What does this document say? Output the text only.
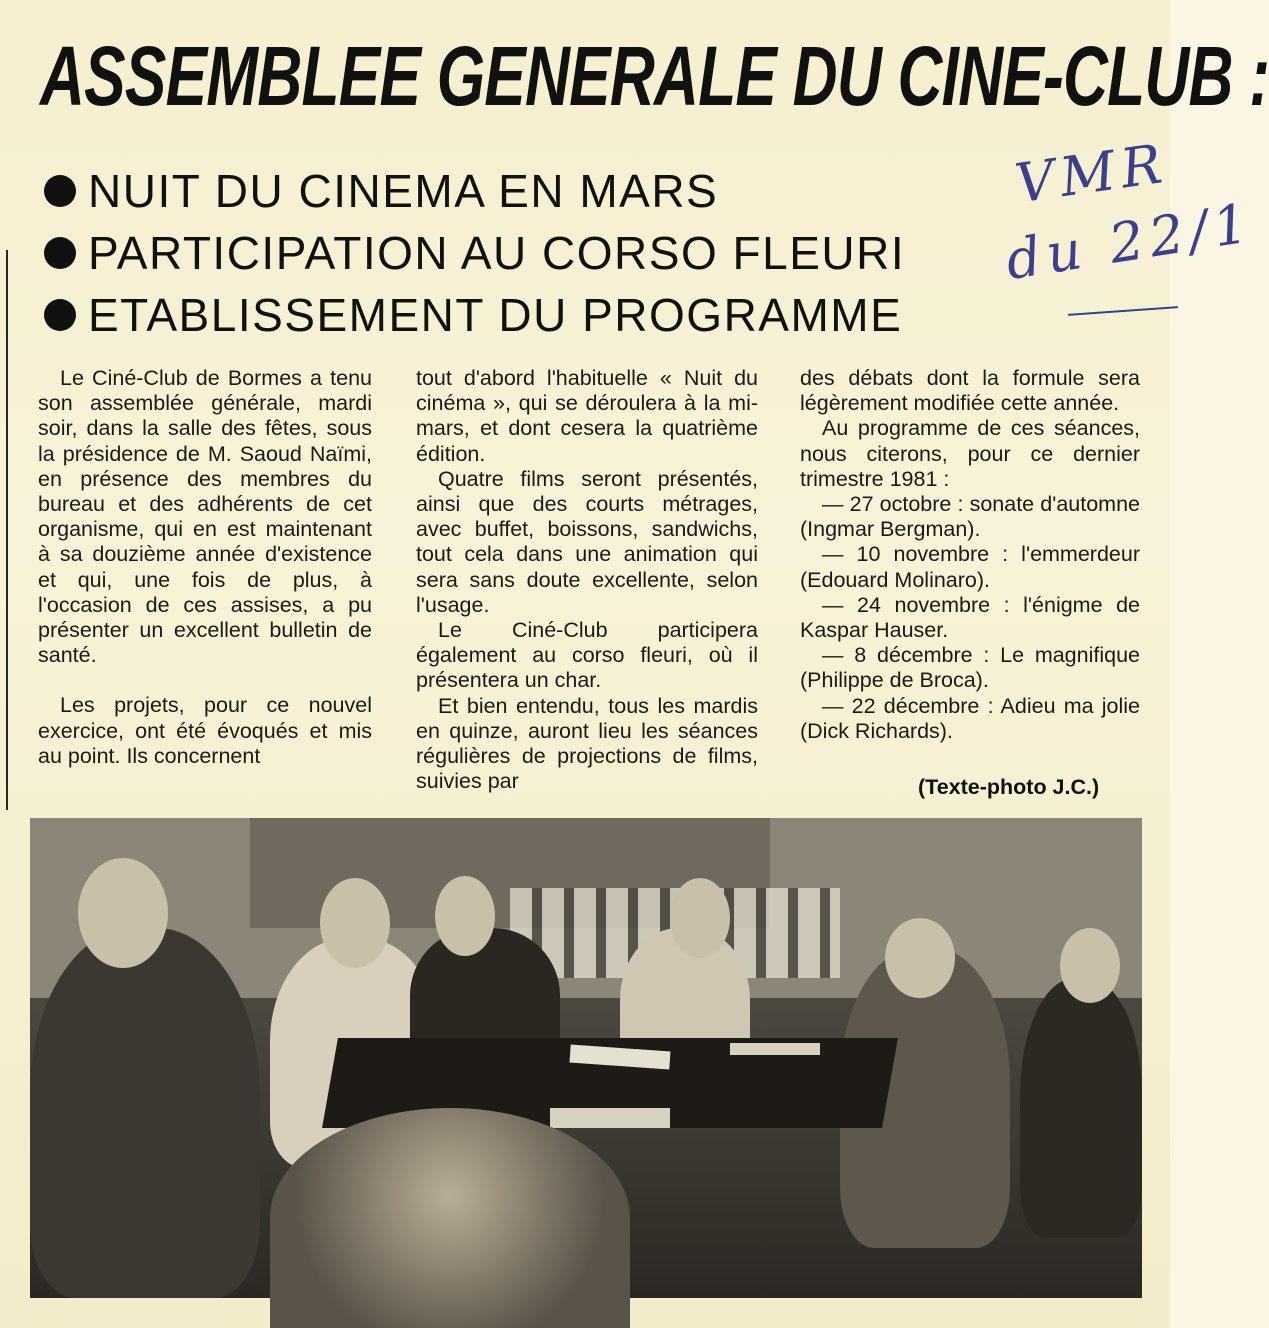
ASSEMBLEE GENERALE DU CINE-CLUB :
NUIT DU CINEMA EN MARS
PARTICIPATION AU CORSO FLEURI
ETABLISSEMENT DU PROGRAMME
VMR
du 22/1

Le Ciné-Club de Bormes a tenu son assemblée générale, mardi soir, dans la salle des fêtes, sous la présidence de M. Saoud Naïmi, en présence des membres du bureau et des adhérents de cet organisme, qui en est maintenant à sa douzième année d'existence et qui, une fois de plus, à l'occasion de ces assises, a pu présenter un excellent bulletin de santé.

Les projets, pour ce nouvel exercice, ont été évoqués et mis au point. Ils concernent

tout d'abord l'habituelle « Nuit du cinéma », qui se déroulera à la mi-mars, et dont cesera la quatrième édition.

Quatre films seront présentés, ainsi que des courts métrages, avec buffet, boissons, sandwichs, tout cela dans une animation qui sera sans doute excellente, selon l'usage.

Le Ciné-Club participera également au corso fleuri, où il présentera un char.

Et bien entendu, tous les mardis en quinze, auront lieu les séances régulières de projections de films, suivies par

des débats dont la formule sera légèrement modifiée cette année.

Au programme de ces séances, nous citerons, pour ce dernier trimestre 1981 :

— 27 octobre : sonate d'automne (Ingmar Bergman).

— 10 novembre : l'emmerdeur (Edouard Molinaro).

— 24 novembre : l'énigme de Kaspar Hauser.

— 8 décembre : Le magnifique (Philippe de Broca).

— 22 décembre : Adieu ma jolie (Dick Richards).

(Texte-photo J.C.)
